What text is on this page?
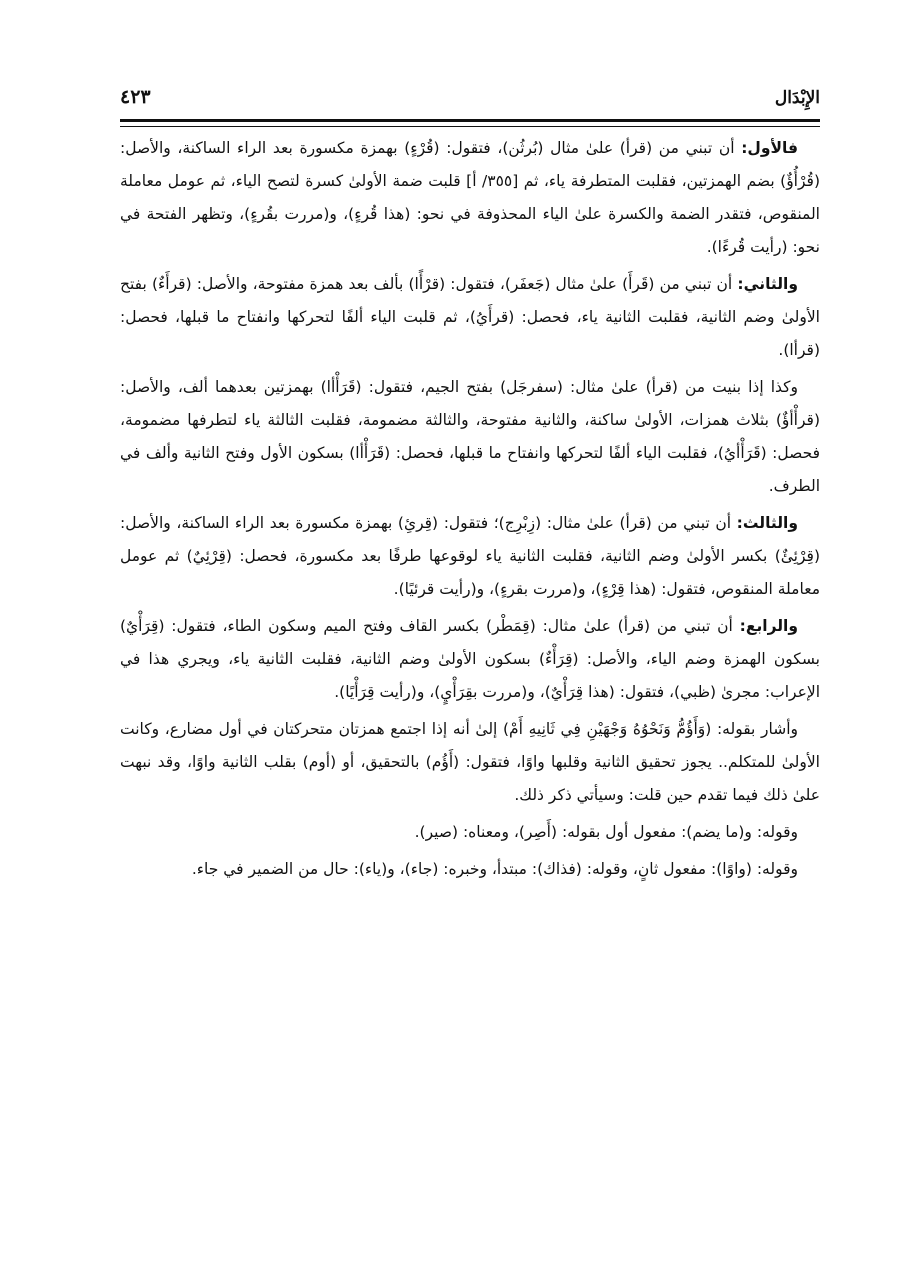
الإِبْدَال
٤٢٣

فالأول: أن تبني من (قرأ) علىٰ مثال (بُرثُن)، فتقول: (قُرْءٍ) بهمزة مكسورة بعد الراء الساكنة، والأصل: (قُرْأُؤٌ) بضم الهمزتين، فقلبت المتطرفة ياء، ثم [٣٥٥/ أ] قلبت ضمة الأولىٰ كسرة لتصح الياء، ثم عومل معاملة المنقوص، فتقدر الضمة والكسرة علىٰ الياء المحذوفة في نحو: (هذا قُرءٍ)، و(مررت بقُرءٍ)، وتظهر الفتحة في نحو: (رأيت قُرءًا).

والثاني: أن تبني من (قَرأَ) علىٰ مثال (جَعفَر)، فتقول: (قرْأًا) بألف بعد همزة مفتوحة، والأصل: (قرأَءٌ) بفتح الأولىٰ وضم الثانية، فقلبت الثانية ياء، فحصل: (قرأَيُ)، ثم قلبت الياء ألفًا لتحركها وانفتاح ما قبلها، فحصل: (قرأا).

وكذا إذا بنيت من (قرأ) علىٰ مثال: (سفرجَل) بفتح الجيم، فتقول: (قَرَأْأا) بهمزتين بعدهما ألف، والأصل: (قرأْأؤٌ) بثلاث همزات، الأولىٰ ساكنة، والثانية مفتوحة، والثالثة مضمومة، فقلبت الثالثة ياء لتطرفها مضمومة، فحصل: (قَرَأْأيُ)، فقلبت الياء ألفًا لتحركها وانفتاح ما قبلها، فحصل: (قَرَأْأا) بسكون الأول وفتح الثانية وألف في الطرف.

والثالث: أن تبني من (قرأ) علىٰ مثال: (زِبْرِج)؛ فتقول: (قِرئِ) بهمزة مكسورة بعد الراء الساكنة، والأصل: (قِرْئِئٌ) بكسر الأولىٰ وضم الثانية، فقلبت الثانية ياء لوقوعها طرفًا بعد مكسورة، فحصل: (قِرْئِيٌ) ثم عومل معاملة المنقوص، فتقول: (هذا قِرْءٍ)، و(مررت بقرءٍ)، و(رأيت قرئيًا).

والرابع: أن تبني من (قرأ) علىٰ مثال: (قِمَطْر) بكسر القاف وفتح الميم وسكون الطاء، فتقول: (قِرَأْيٌ) بسكون الهمزة وضم الياء، والأصل: (قِرَأْءٌ) بسكون الأولىٰ وضم الثانية، فقلبت الثانية ياء، ويجري هذا في الإعراب: مجرىٰ (ظبي)، فتقول: (هذا قِرَأْيٌ)، و(مررت بقِرَأْيٍ)، و(رأيت قِرَأْيًا).

وأشار بقوله: (وَأَؤُمُّ وَنَحْوُهُ وَجْهَيْنِ فِي ثَانِيهِ أَمْ) إلىٰ أنه إذا اجتمع همزتان متحركتان في أول مضارع، وكانت الأولىٰ للمتكلم.. يجوز تحقيق الثانية وقلبها واوًا، فتقول: (أَؤُم) بالتحقيق، أو (أوم) بقلب الثانية واوًا، وقد نبهت علىٰ ذلك فيما تقدم حين قلت: وسيأتي ذكر ذلك.

وقوله: و(ما يضم): مفعول أول بقوله: (أَصِر)، ومعناه: (صير).

وقوله: (واوًا): مفعول ثانٍ، وقوله: (فذاك): مبتدأ، وخبره: (جاء)، و(ياء): حال من الضمير في جاء.
